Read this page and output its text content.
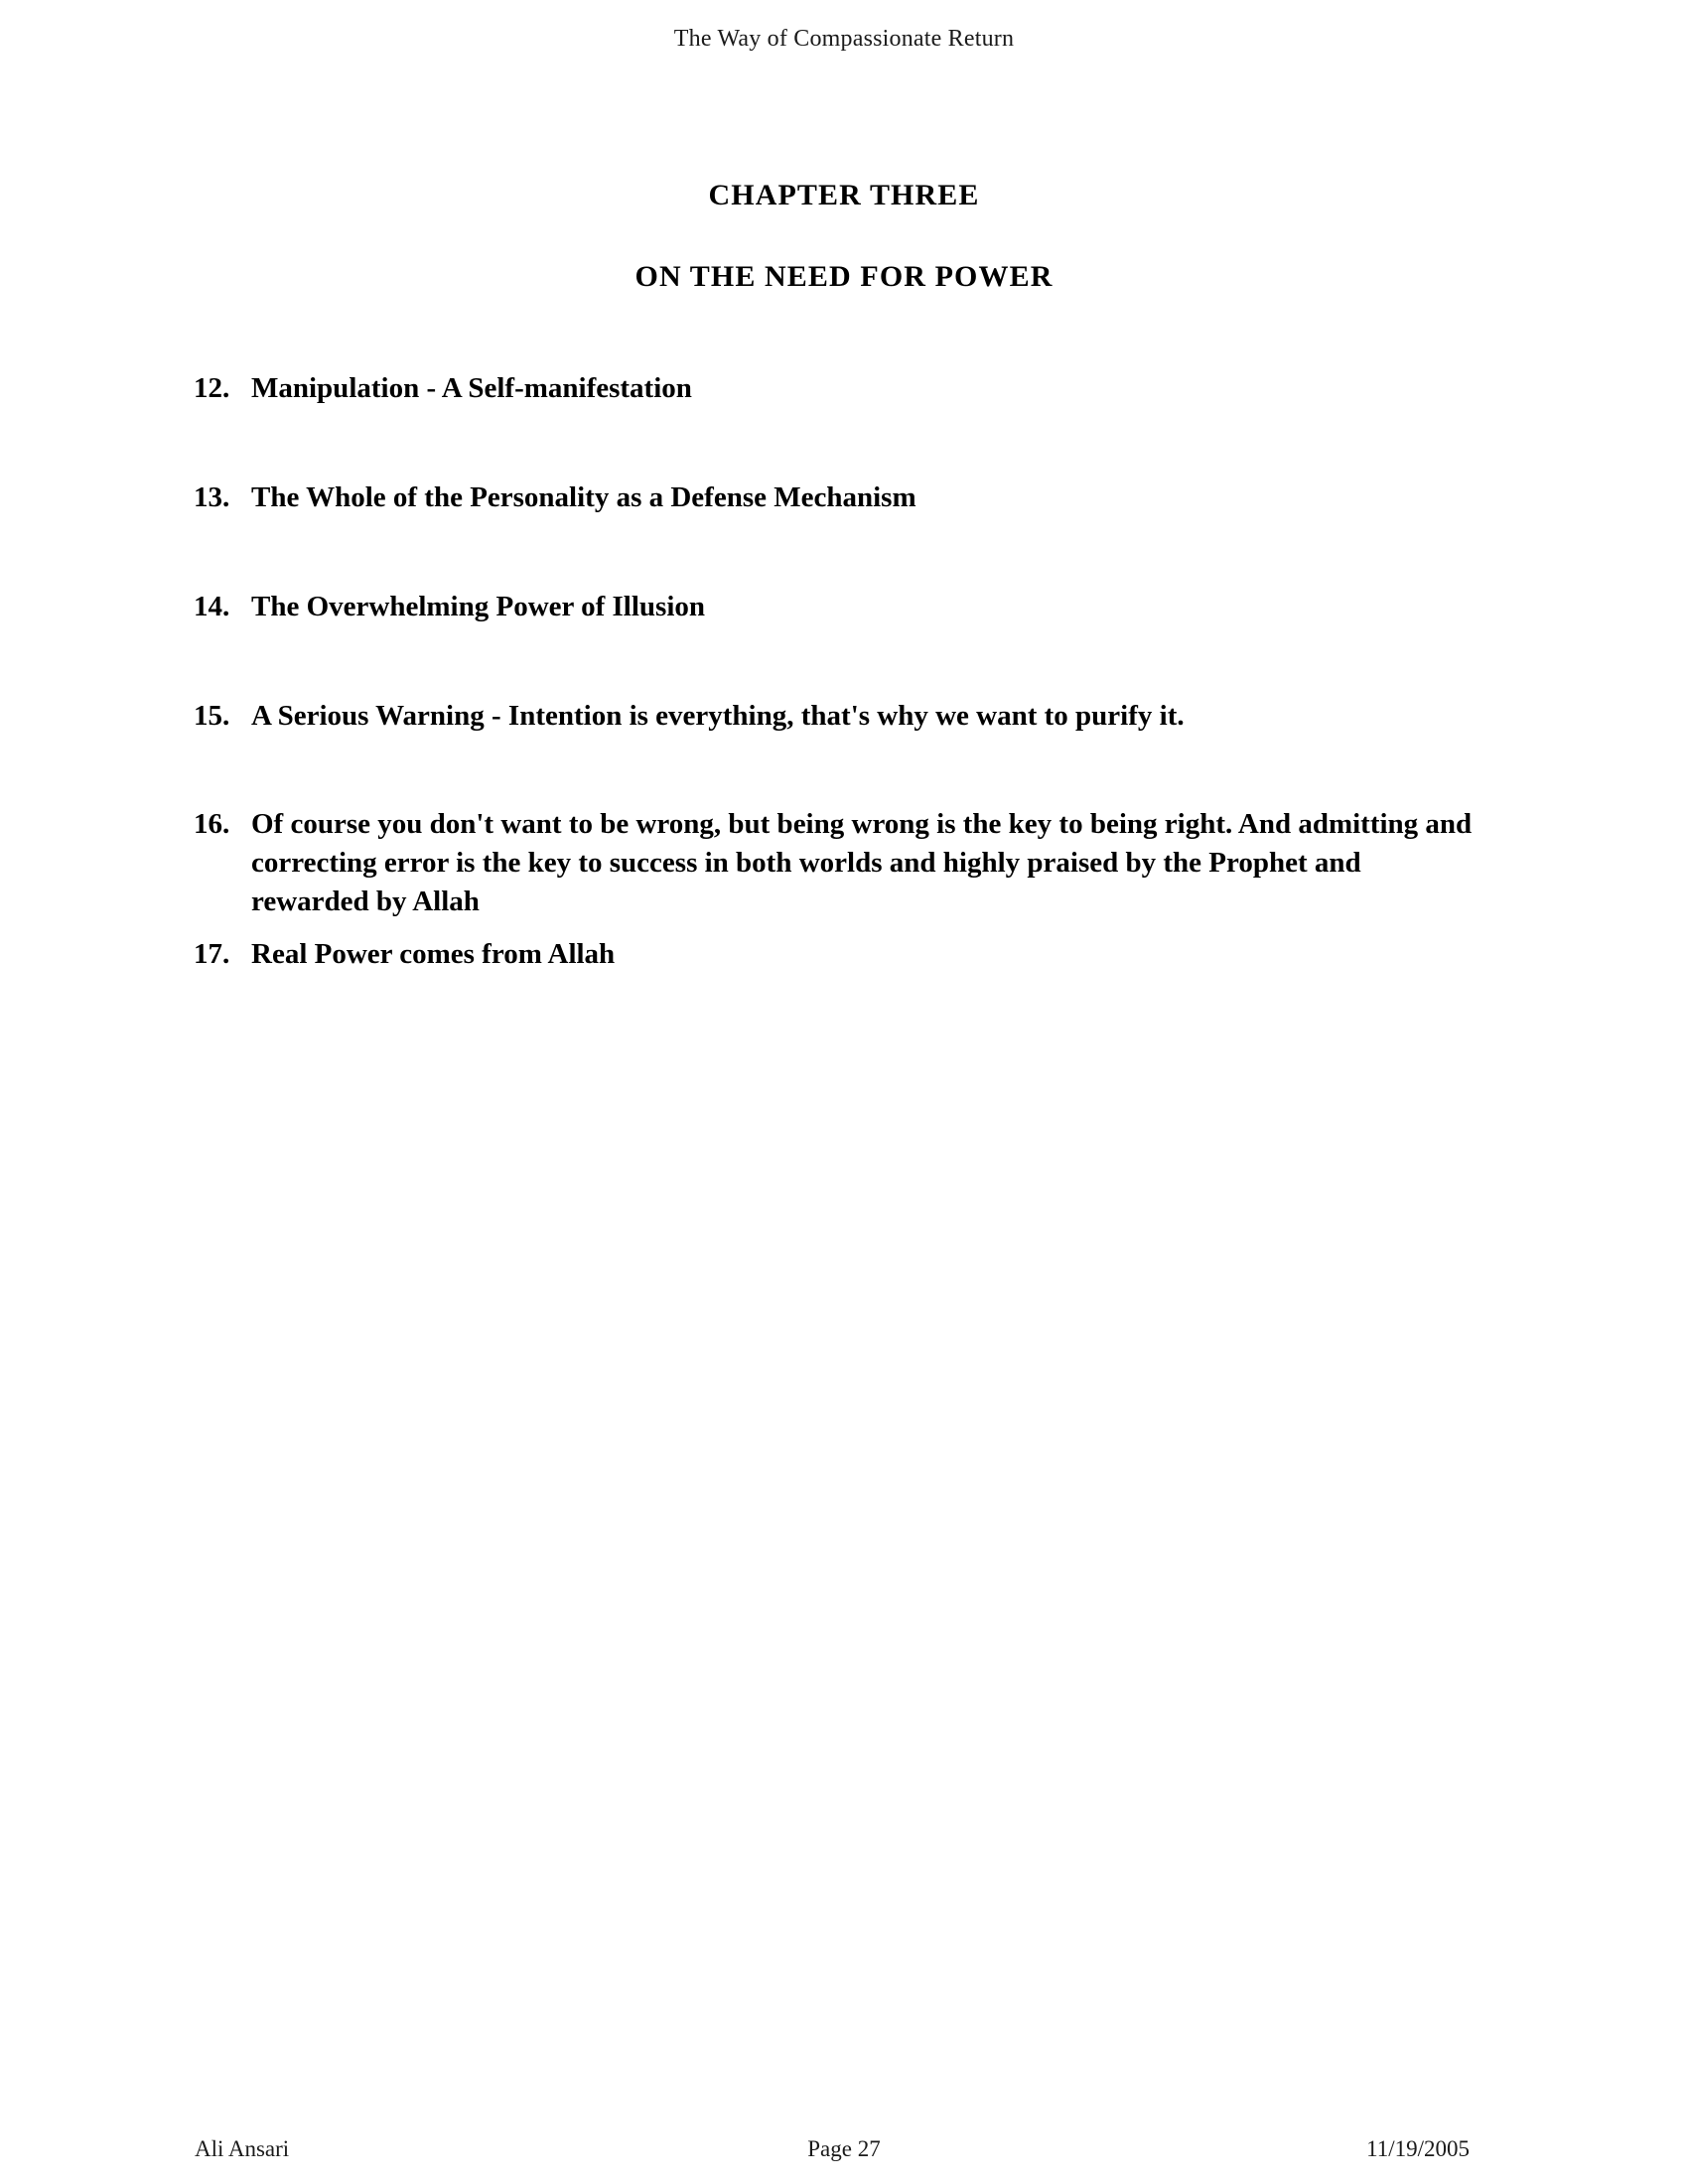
The Way of Compassionate Return
CHAPTER THREE
ON THE NEED FOR POWER
12. Manipulation - A Self-manifestation
13. The Whole of the Personality as a Defense Mechanism
14. The Overwhelming Power of Illusion
15. A Serious Warning - Intention is everything, that's why we want to purify it.
16. Of course you don't want to be wrong, but being wrong is the key to being right. And admitting and correcting error is the key to success in both worlds and highly praised by the Prophet and rewarded by Allah
17. Real Power comes from Allah
Ali Ansari	Page 27	11/19/2005
